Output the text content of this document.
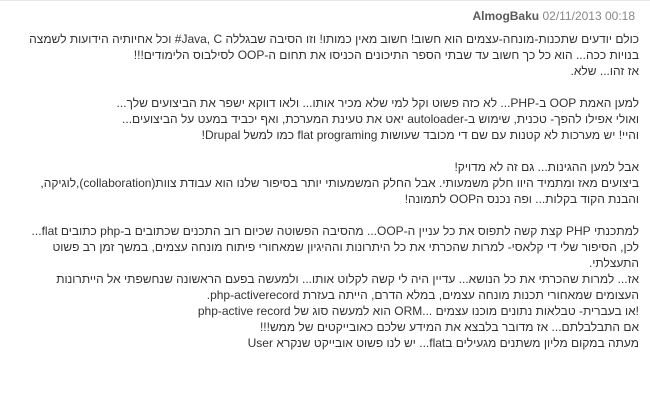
AlmogBaku 02/11/2013 00:18
כולם יודעים שתכנות-מונחה-עצמים הוא חשוב! חשוב מאין כמותו! וזו הסיבה שבגללה Java, C# וכל אחיותיה הידועות לשמצה
בנויות ככה... הוא כל כך חשוב עד שבתי הספר התיכונים הכניסו את תחום ה-OOP לסילבוס הלימודים!!!
אז זהו... שלא.
למען האמת OOP ב-PHP... לא כזה פשוט וקל למי שלא מכיר אותו... ולאו דווקא ישפר את הביצועים שלך...
ואולי אפילו להפך- טכנית, שימוש ב-autoloader יאט את טעינת המערכת, ואף יכביד במעט על הביצועים...
והיי! יש מערכות לא קטנות עם שם די מכובד שעושות flat programing כמו למשל Drupal!
אבל למען ההגינות... גם זה לא מדויק!
ביצועים מאז ומתמיד היוו חלק משמעותי. אבל החלק המשמעותי יותר בסיפור שלנו הוא עבודת צוות(collaboration),לוגיקה,
והבנת הקוד בקלות... ופה נכנס הOOP לתמונה!
למתכנתי PHP קצת קשה לתפוס את כל עניין ה-OOP... מהסיבה הפשוטה שכיום רוב התכנים שכתובים ב-php כתובים flat...
לכן, הסיפור שלי די קלאסי- למרות שהכרתי את כל היתרונות וההיגיון שמאחורי פיתוח מונחה עצמים, במשך זמן רב פשוט
התעצלתי.
אז... למרות שהכרתי את כל הנושא... עדיין היה לי קשה לקלוט אותו... ולמעשה בפעם הראשונה שנחשפתי אל הייתרונות
העצומים שמאחורי תכנות מונחה עצמים, במלא הדרם, הייתה בעזרת php-activerecord.
php-active record הוא למעשה סוג של ORM... או בעברית- טבלאות נתונים מוכנו עצמים!
אם התבלבלתם... אז מדובר בלבצא את המידע שלכם כאובייקטים של ממש!!!
מעתה במקום מליון משתנים מגעילים בflat... יש לנו פשוט אובייקט שנקרא User
